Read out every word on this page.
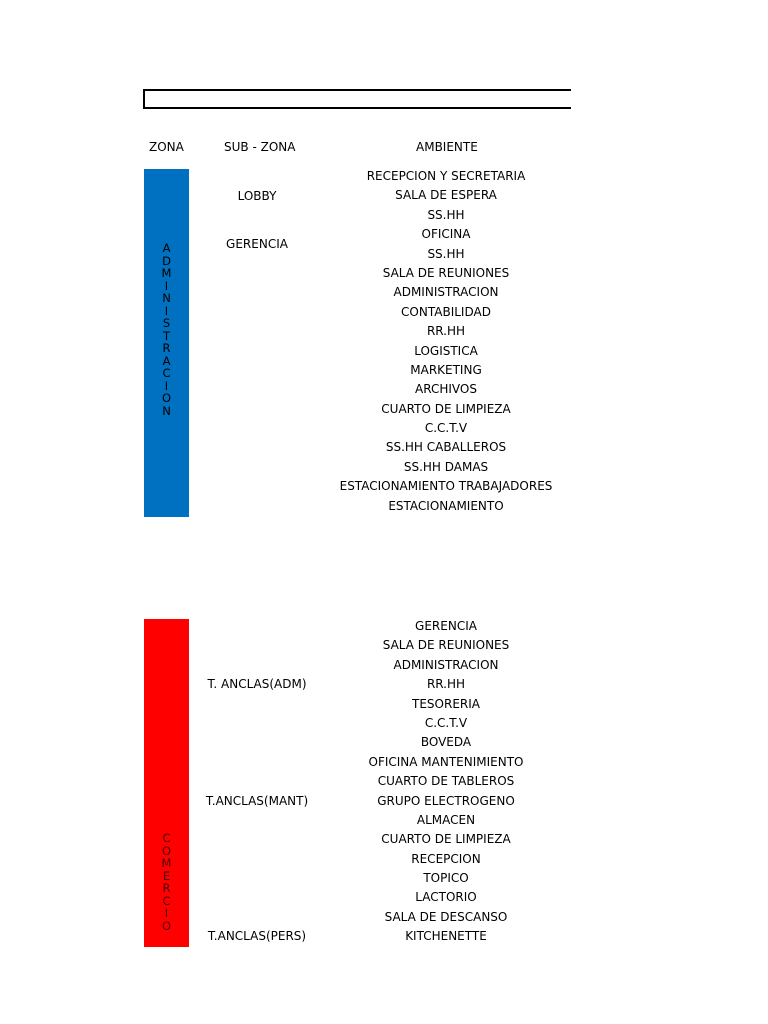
ZONA	SUB - ZONA	AMBIENTE
A
D
M
I
N
I
S
T
R
A
C
I
O
N
LOBBY
GERENCIA
RECEPCION Y SECRETARIA
SALA DE ESPERA
SS.HH
OFICINA
SS.HH
SALA DE REUNIONES
ADMINISTRACION
CONTABILIDAD
RR.HH
LOGISTICA
MARKETING
ARCHIVOS
CUARTO DE LIMPIEZA
C.C.T.V
SS.HH CABALLEROS
SS.HH DAMAS
ESTACIONAMIENTO TRABAJADORES
ESTACIONAMIENTO
C
O
M
E
R
C
I
O
T. ANCLAS(ADM)
T.ANCLAS(MANT)
T.ANCLAS(PERS)
GERENCIA
SALA DE REUNIONES
ADMINISTRACION
RR.HH
TESORERIA
C.C.T.V
BOVEDA
OFICINA MANTENIMIENTO
CUARTO DE TABLEROS
GRUPO ELECTROGENO
ALMACEN
CUARTO DE LIMPIEZA
RECEPCION
TOPICO
LACTORIO
SALA DE DESCANSO
KITCHENETTE
